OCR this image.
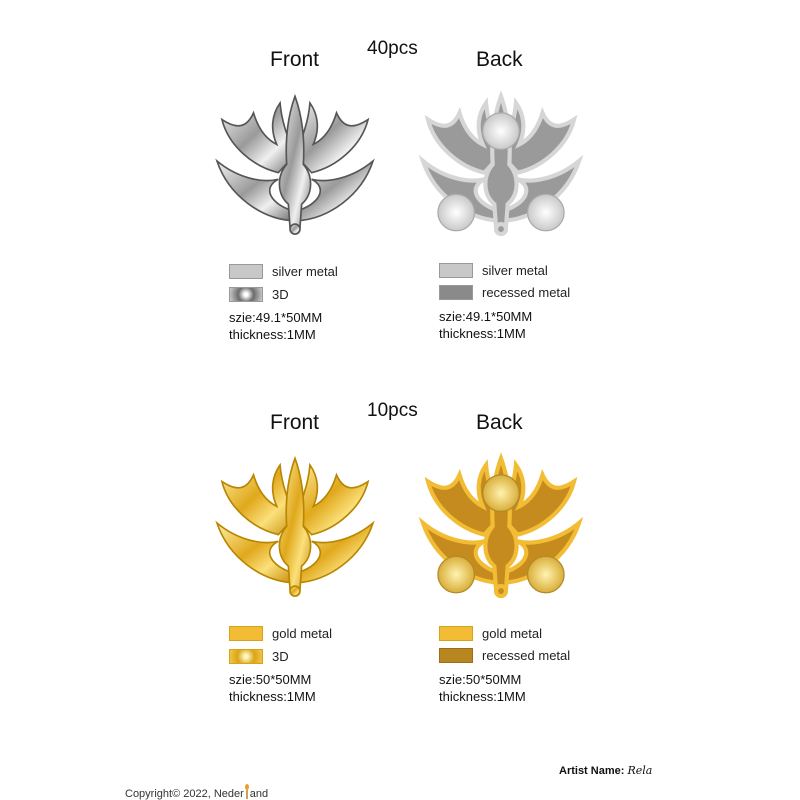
40pcs
Front	Back
silver metal
3D
szie:49.1*50MM
thickness:1MM
silver metal
recessed metal
szie:49.1*50MM
thickness:1MM
10pcs
Front	Back
gold metal
3D
szie:50*50MM
thickness:1MM
gold metal
recessed metal
szie:50*50MM
thickness:1MM
Copyright© 2022, Neder and
Artist Name: Rela
